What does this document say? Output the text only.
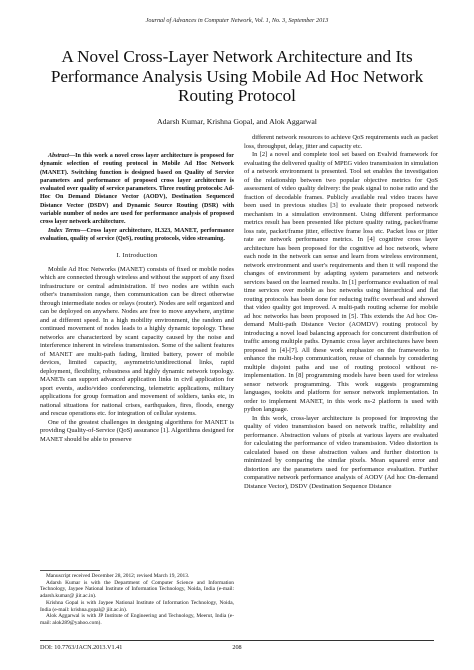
Journal of Advances in Computer Network, Vol. 1, No. 3, September 2013
A Novel Cross-Layer Network Architecture and Its Performance Analysis Using Mobile Ad Hoc Network Routing Protocol
Adarsh Kumar, Krishna Gopal, and Alok Aggarwal

Abstract—In this work a novel cross layer architecture is proposed for dynamic selection of routing protocol in Mobile Ad Hoc Network (MANET). Switching function is designed based on Quality of Service parameters and performance of proposed cross layer architecture is evaluated over quality of service parameters. Three routing protocols: Ad-Hoc On Demand Distance Vector (AODV), Destination Sequenced Distance Vector (DSDV) and Dynamic Source Routing (DSR) with variable number of nodes are used for performance analysis of proposed cross layer network architecture.

Index Terms—Cross layer architecture, H.323, MANET, performance evaluation, quality of service (QoS), routing protocols, video streaming.

I. Introduction

Mobile Ad Hoc Networks (MANET) consists of fixed or mobile nodes which are connected through wireless and without the support of any fixed infrastructure or central administration. If two nodes are within each other's transmission range, then communication can be direct otherwise through intermediate nodes or relays (router). Nodes are self organized and can be deployed on anywhere. Nodes are free to move anywhere, anytime and at different speed. In a high mobility environment, the random and continued movement of nodes leads to a highly dynamic topology. These networks are characterized by scant capacity caused by the noise and interference inherent in wireless transmission. Some of the salient features of MANET are multi-path fading, limited battery, power of mobile devices, limited capacity, asymmetric/unidirectional links, rapid deployment, flexibility, robustness and highly dynamic network topology. MANETs can support advanced application links in civil application for sport events, audio/video conferencing, telemetric applications, military applications for group formation and movement of soldiers, tanks etc, in national situations for national crises, earthquakes, fires, floods, energy and rescue operations etc. for integration of cellular systems.

One of the greatest challenges in designing algorithms for MANET is providing Quality-of-Service (QoS) assurance [1]. Algorithms designed for MANET should be able to preserve

Manuscript received December 28, 2012; revised March 19, 2013.

Adarsh Kumar is with the Department of Computer Science and Information Technology, Jaypee National Institute of Information Technology, Noida, India (e-mail: adarsh.kumar@ jiit.ac.in).

Krishna Gopal is with Jaypee National Institute of Information Technology, Noida, India (e-mail: krishna.gopal@ jiit.ac.in).

Alok Aggarwal is with JP Institute of Engineering and Technology, Meerut, India (e-mail: alok289@yahoo.com).

different network resources to achieve QoS requirements such as packet loss, throughput, delay, jitter and capacity etc.

In [2] a novel and complete tool set based on Evalvid framework for evaluating the delivered quality of MPEG video transmission in simulation of a network environment is presented. Tool set enables the investigation of the relationship between two popular objective metrics for QoS assessment of video quality delivery: the peak signal to noise ratio and the fraction of decodable frames. Publicly available real video traces have been used in previous studies [3] to evaluate their proposed network mechanism in a simulation environment. Using different performance metrics result has been presented like picture quality rating, packet/frame loss rate, packet/frame jitter, effective frame loss etc. Packet loss or jitter rate are network performance metrics. In [4] cognitive cross layer architecture has been proposed for the cognitive ad hoc network, where each node in the network can sense and learn from wireless environment, network environment and user's requirements and then it will respond the changes of environment by adapting system parameters and network services based on the learned results. In [1] performance evaluation of real time services over mobile as hoc networks using hierarchical and flat routing protocols has been done for reducing traffic overhead and showed that video quality got improved. A multi-path routing scheme for mobile ad hoc networks has been proposed in [5]. This extends the Ad hoc On-demand Multi-path Distance Vector (AOMDV) routing protocol by introducing a novel load balancing approach for concurrent distribution of traffic among multiple paths. Dynamic cross layer architectures have been proposed in [4]-[7]. All these work emphasize on the frameworks to enhance the multi-hop communication, reuse of channels by considering multiple disjoint paths and use of routing protocol without re-implementation. In [8] programming models have been used for wireless sensor network programming. This work suggests programming languages, tookits and platform for sensor network implementation. In order to implement MANET, in this work ns-2 platform is used with python language.

In this work, cross-layer architecture is proposed for improving the quality of video transmission based on network traffic, reliability and performance. Abstraction values of pixels at various layers are evaluated for calculating the performance of video transmission. Video distortion is calculated based on these abstraction values and further distortion is minimized by comparing the similar pixels. Mean squared error and distortion are the parameters used for performance evaluation. Further comparative network performance analysis of AODV (Ad hoc On-demand Distance Vector), DSDV (Destination Sequence Distance

DOI: 10.7763/JACN.2013.V1.41	208
